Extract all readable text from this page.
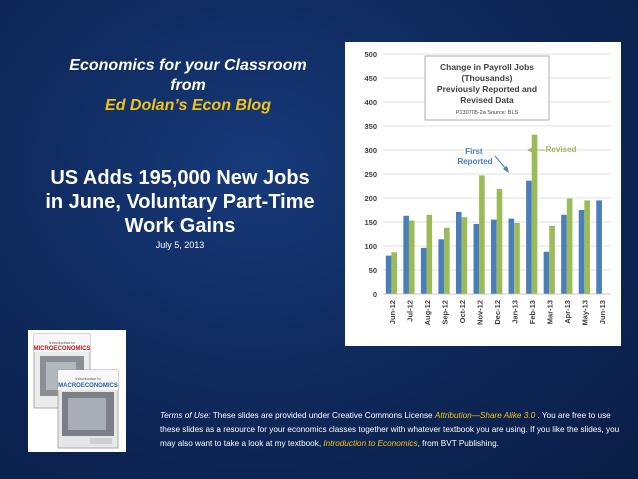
Economics for your Classroom
from
Ed Dolan’s Econ Blog
US Adds 195,000 New Jobs
in June, Voluntary Part-Time
Work Gains
July 5, 2013
0
50
100
150
200
250
300
350
400
450
500
Jun-12 Jul-12 Aug-12 Sep-12 Oct-12 Nov-12 Dec-12 Jan-13 Feb-13 Mar-13 Apr-13 May-13 Jun-13
Change in Payroll Jobs
(Thousands)
Previously Reported and
Revised Data
P130705-2a Source: BLS
First Reported
Revised
Introduction to
MICROECONOMICS
Introduction to
MACROECONOMICS
Terms of Use: These slides are provided under Creative Commons License Attribution—Share Alike 3.0 . You are free to use these slides as a resource for your economics classes together with whatever textbook you are using. If you like the slides, you may also want to take a look at my textbook, Introduction to Economics, from BVT Publishing.
